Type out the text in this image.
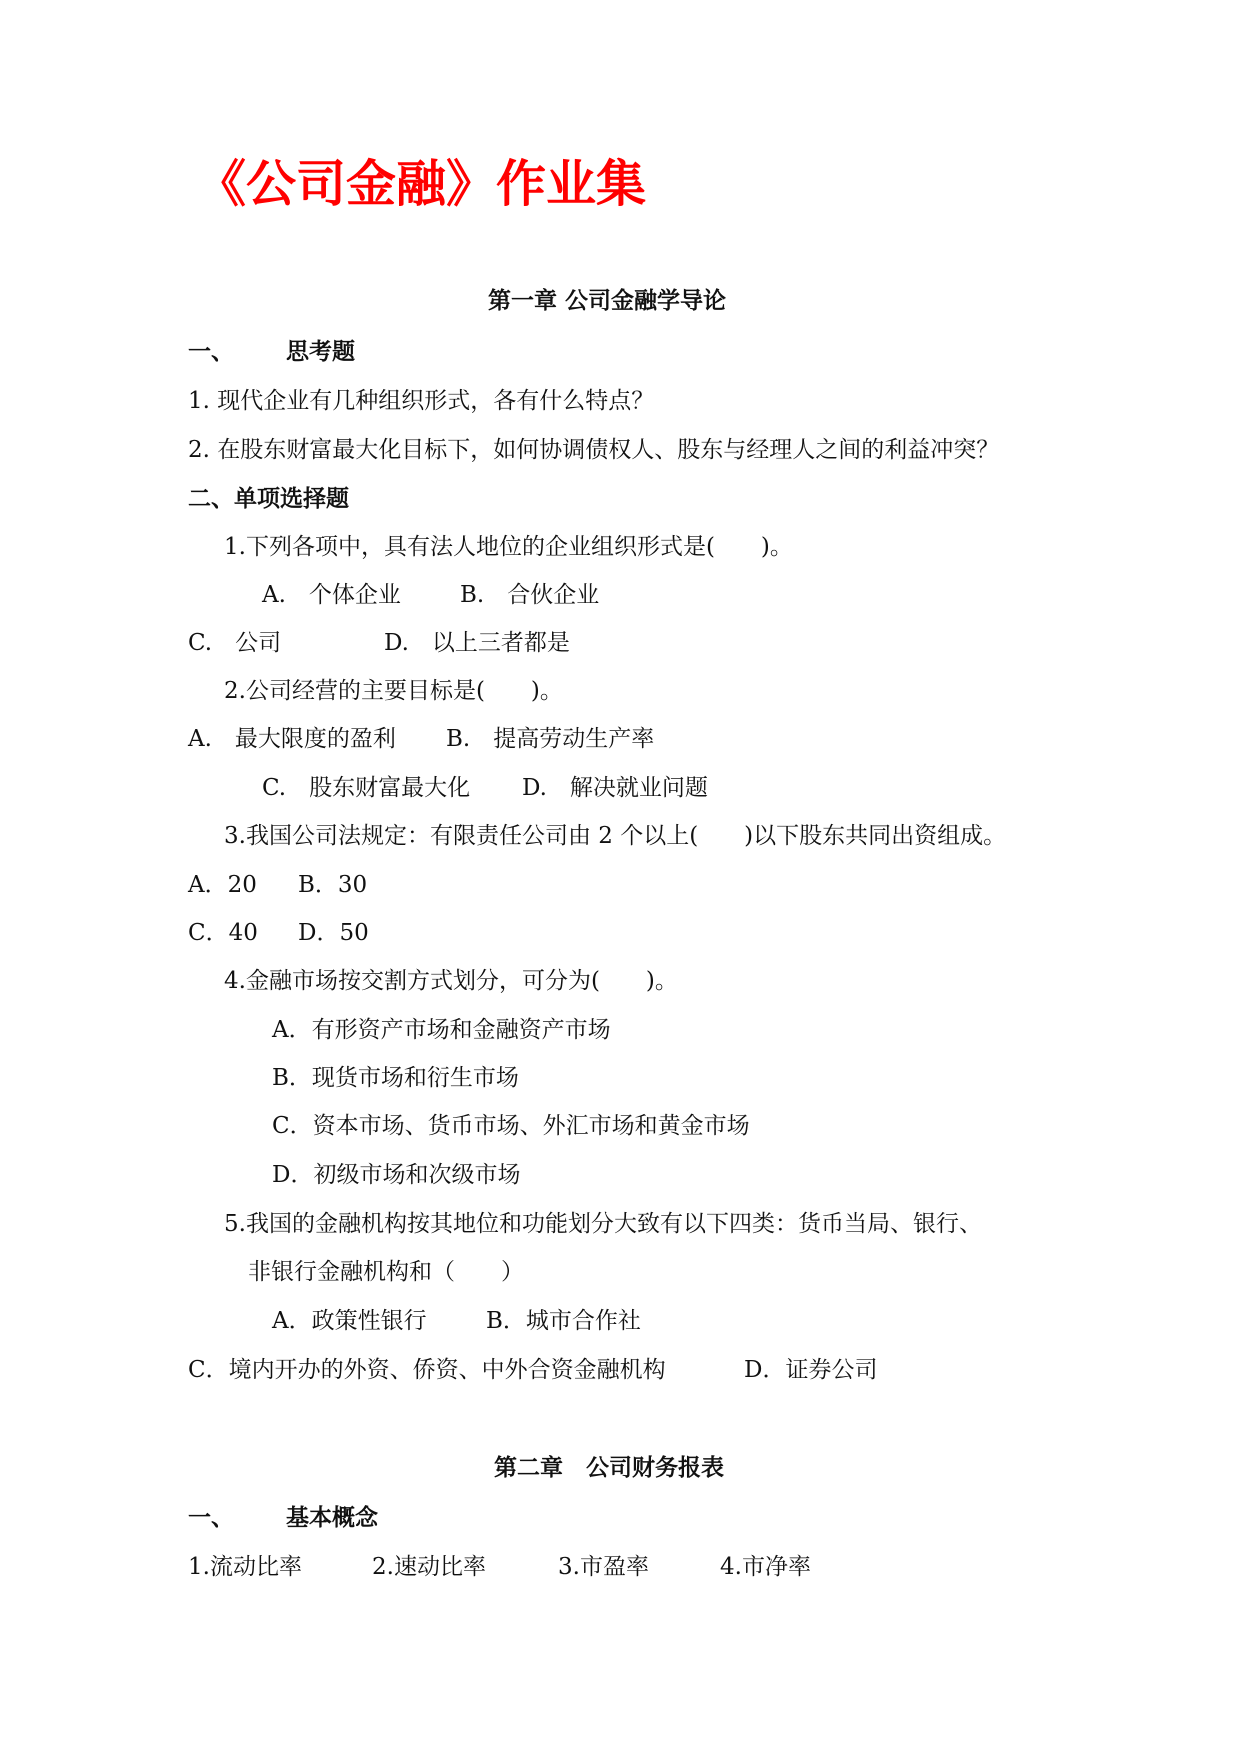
《公司金融》作业集
第一章 公司金融学导论
一、 思考题
1. 现代企业有几种组织形式，各有什么特点？
2. 在股东财富最大化目标下，如何协调债权人、股东与经理人之间的利益冲突？
二、单项选择题
1.下列各项中，具有法人地位的企业组织形式是(　　)。
A.　个体企业	B.　合伙企业
C.　公司	D.　以上三者都是
2.公司经营的主要目标是(　　)。
A.　最大限度的盈利 B.　提高劳动生产率
C.　股东财富最大化 D.　解决就业问题
3.我国公司法规定：有限责任公司由 2 个以上(　　)以下股东共同出资组成。
A．20 B．30
C．40 D．50
4.金融市场按交割方式划分，可分为(　　)。
A．有形资产市场和金融资产市场
B．现货市场和衍生市场
C．资本市场、货币市场、外汇市场和黄金市场
D．初级市场和次级市场
5.我国的金融机构按其地位和功能划分大致有以下四类：货币当局、银行、
非银行金融机构和（　　）
A．政策性银行	B．城市合作社
C．境内开办的外资、侨资、中外合资金融机构	D．证券公司
第二章　公司财务报表
一、 基本概念
1.流动比率	2.速动比率	3.市盈率	4.市净率
